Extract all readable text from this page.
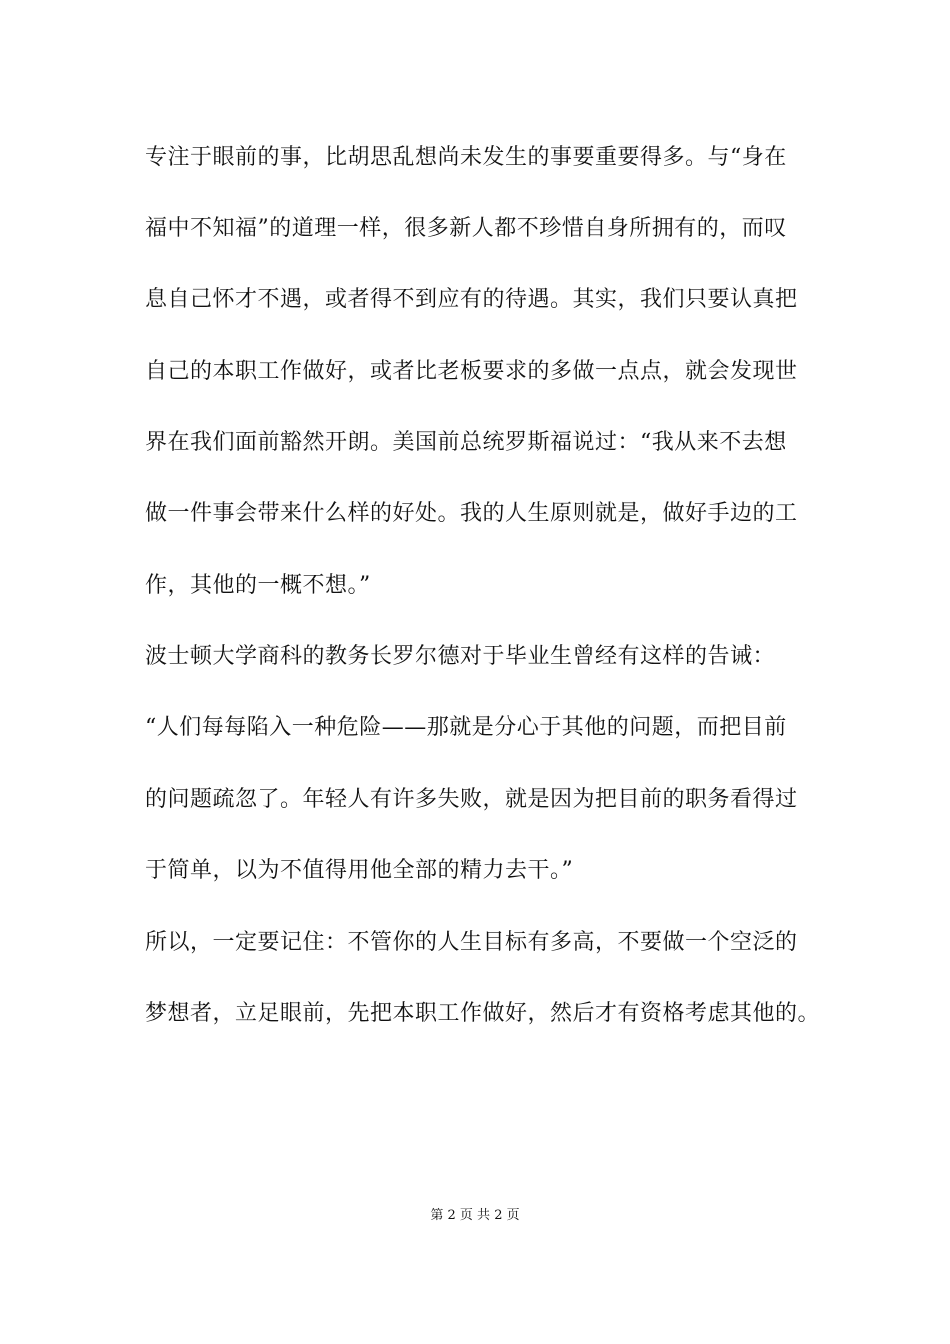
专注于眼前的事，比胡思乱想尚未发生的事要重要得多。与“身在
福中不知福”的道理一样，很多新人都不珍惜自身所拥有的，而叹
息自己怀才不遇，或者得不到应有的待遇。其实，我们只要认真把
自己的本职工作做好，或者比老板要求的多做一点点，就会发现世
界在我们面前豁然开朗。美国前总统罗斯福说过：“我从来不去想
做一件事会带来什么样的好处。我的人生原则就是，做好手边的工
作，其他的一概不想。”
波士顿大学商科的教务长罗尔德对于毕业生曾经有这样的告诫：
“人们每每陷入一种危险——那就是分心于其他的问题，而把目前
的问题疏忽了。年轻人有许多失败，就是因为把目前的职务看得过
于简单，以为不值得用他全部的精力去干。”
所以，一定要记住：不管你的人生目标有多高，不要做一个空泛的
梦想者，立足眼前，先把本职工作做好，然后才有资格考虑其他的。
第 2 页 共 2 页
